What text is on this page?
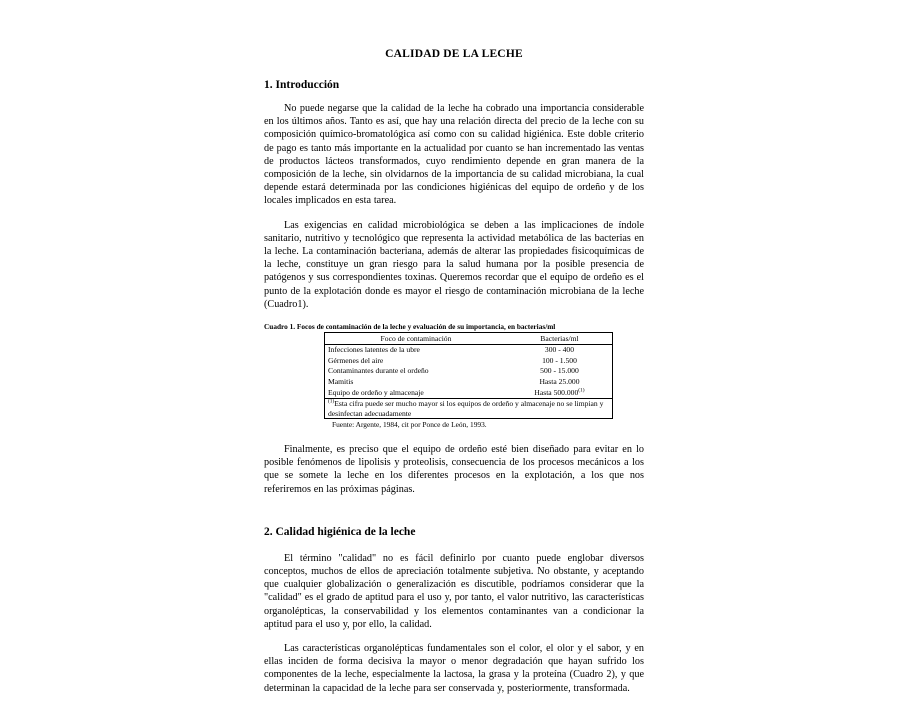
CALIDAD DE LA LECHE
1. Introducción

No puede negarse que la calidad de la leche ha cobrado una importancia considerable en los últimos años. Tanto es así, que hay una relación directa del precio de la leche con su composición químico-bromatológica así como con su calidad higiénica. Este doble criterio de pago es tanto más importante en la actualidad por cuanto se han incrementado las ventas de productos lácteos transformados, cuyo rendimiento depende en gran manera de la composición de la leche, sin olvidarnos de la importancia de su calidad microbiana, la cual depende estará determinada por las condiciones higiénicas del equipo de ordeño y de los locales implicados en esta tarea.

Las exigencias en calidad microbiológica se deben a las implicaciones de índole sanitario, nutritivo y tecnológico que representa la actividad metabólica de las bacterias en la leche. La contaminación bacteriana, además de alterar las propiedades fisicoquímicas de la leche, constituye un gran riesgo para la salud humana por la posible presencia de patógenos y sus correspondientes toxinas. Queremos recordar que el equipo de ordeño es el punto de la explotación donde es mayor el riesgo de contaminación microbiana de la leche (Cuadro1).

Cuadro 1. Focos de contaminación de la leche y evaluación de su importancia, en bacterias/ml
Foco de contaminación	Bacterias/ml
Infecciones latentes de la ubre	300 - 400
Gérmenes del aire	100 - 1.500
Contaminantes durante el ordeño	500 - 15.000
Mamitis	Hasta 25.000
Equipo de ordeño y almacenaje	Hasta 500.000$^{(1)}$
$^{(1)}$Esta cifra puede ser mucho mayor si los equipos de ordeño y almacenaje no se limpian y desinfectan adecuadamente	
Fuente: Argente, 1984, cit por Ponce de León, 1993.

Finalmente, es preciso que el equipo de ordeño esté bien diseñado para evitar en lo posible fenómenos de lipolisis y proteolisis, consecuencia de los procesos mecánicos a los que se somete la leche en los diferentes procesos en la explotación, a los que nos referiremos en las próximas páginas.

2. Calidad higiénica de la leche

El término "calidad" no es fácil definirlo por cuanto puede englobar diversos conceptos, muchos de ellos de apreciación totalmente subjetiva. No obstante, y aceptando que cualquier globalización o generalización es discutible, podríamos considerar que la "calidad" es el grado de aptitud para el uso y, por tanto, el valor nutritivo, las características organolépticas, la conservabilidad y los elementos contaminantes van a condicionar la aptitud para el uso y, por ello, la calidad.

Las características organolépticas fundamentales son el color, el olor y el sabor, y en ellas inciden de forma decisiva la mayor o menor degradación que hayan sufrido los componentes de la leche, especialmente la lactosa, la grasa y la proteína (Cuadro 2), y que determinan la capacidad de la leche para ser conservada y, posteriormente, transformada.
